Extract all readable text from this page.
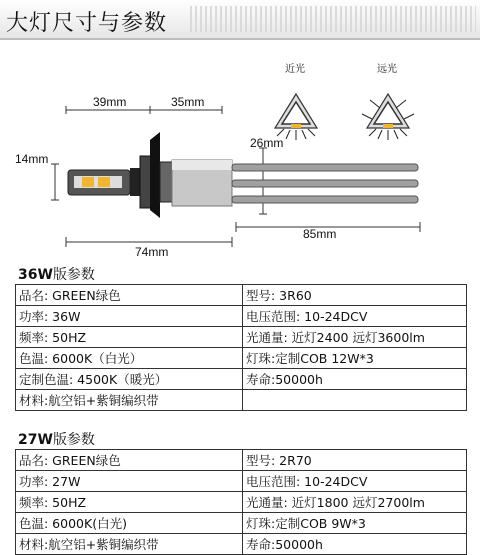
大灯尺寸与参数
39mm	35mm
14mm
26mm
85mm
74mm
近光	远光
36W版参数
品名: GREEN绿色	型号: 3R60
功率: 36W	电压范围: 10-24DCV
频率: 50HZ	光通量: 近灯2400 远灯3600lm
色温: 6000K（白光）	灯珠:定制COB 12W*3
定制色温: 4500K（暖光）	寿命:50000h
材料:航空铝+紫铜编织带	
27W版参数
品名: GREEN绿色	型号: 2R70
功率: 27W	电压范围: 10-24DCV
频率: 50HZ	光通量: 近灯1800 远灯2700lm
色温: 6000K(白光)	灯珠:定制COB 9W*3
材料:航空铝+紫铜编织带	寿命:50000h
